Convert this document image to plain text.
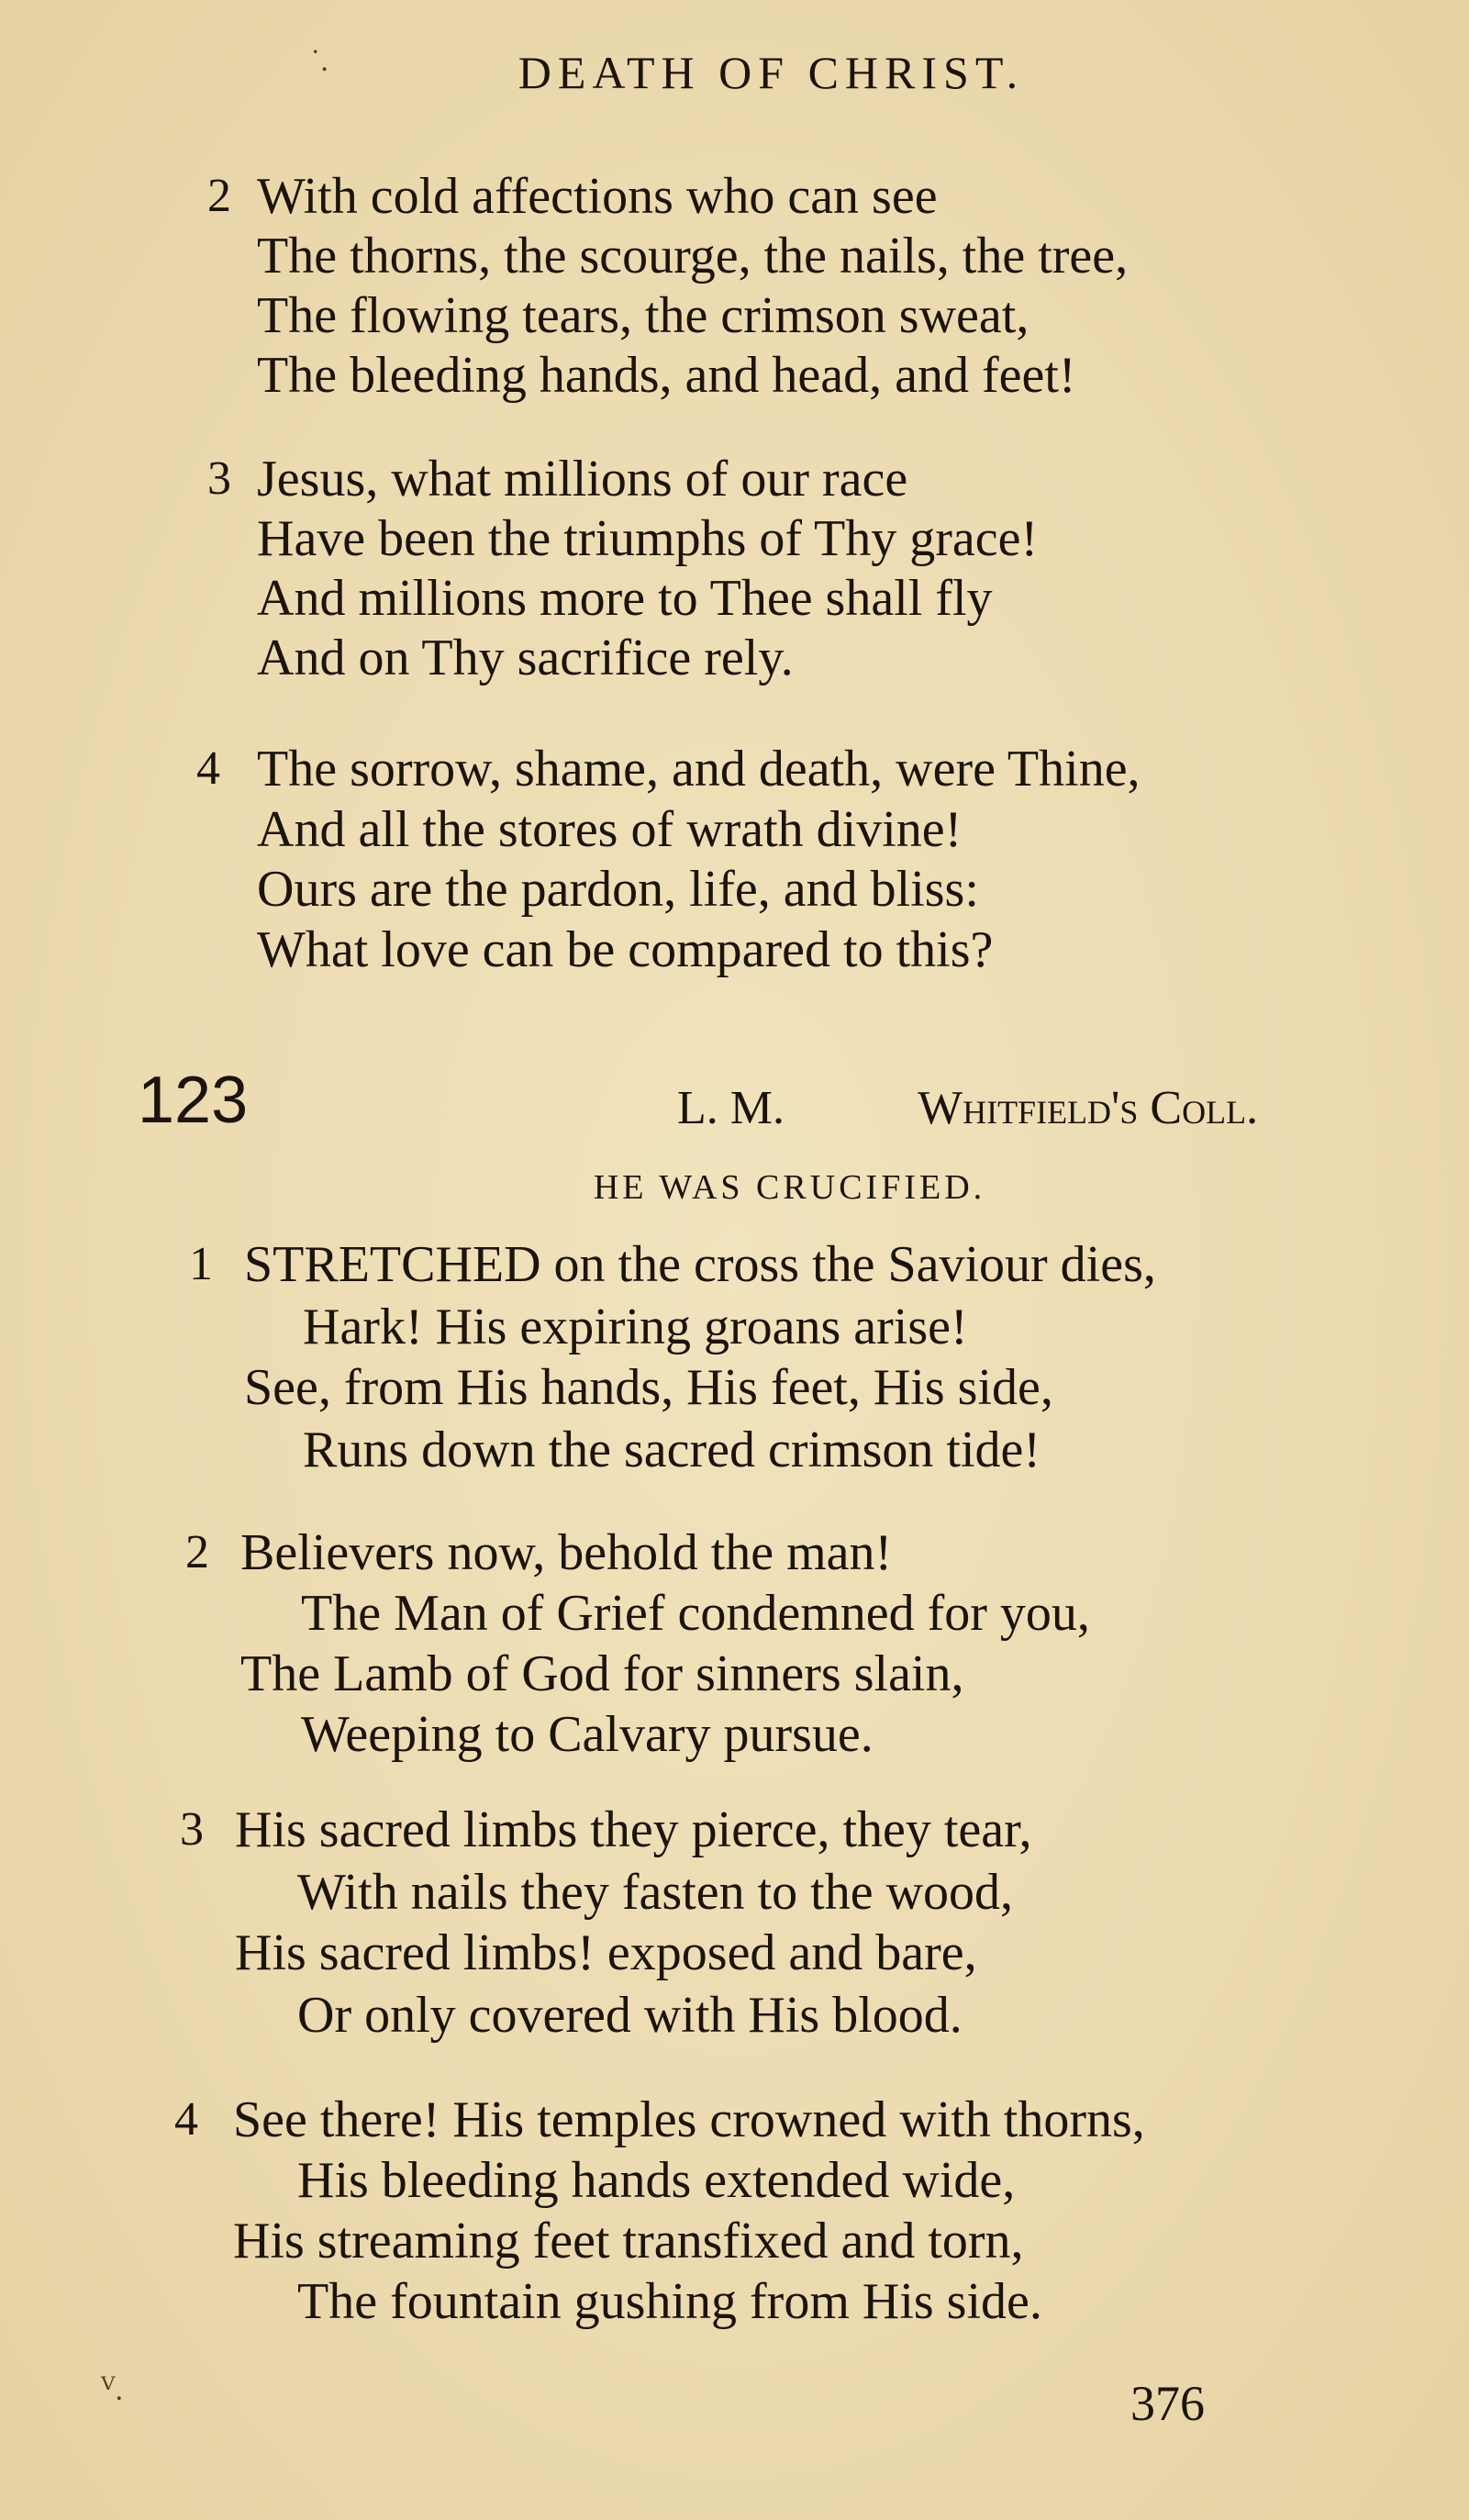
˙.	DEATH OF CHRIST.
2 With cold affections who can see
The thorns, the scourge, the nails, the tree,
The flowing tears, the crimson sweat,
The bleeding hands, and head, and feet!
3 Jesus, what millions of our race
Have been the triumphs of Thy grace!
And millions more to Thee shall fly
And on Thy sacrifice rely.
4 The sorrow, shame, and death, were Thine,
And all the stores of wrath divine!
Ours are the pardon, life, and bliss:
What love can be compared to this?
123	L. M.	Whitfield's Coll.
HE WAS CRUCIFIED.
1 STRETCHED on the cross the Saviour dies,
Hark! His expiring groans arise!
See, from His hands, His feet, His side,
Runs down the sacred crimson tide!
2 Believers now, behold the man!
The Man of Grief condemned for you,
The Lamb of God for sinners slain,
Weeping to Calvary pursue.
3 His sacred limbs they pierce, they tear,
With nails they fasten to the wood,
His sacred limbs! exposed and bare,
Or only covered with His blood.
4 See there! His temples crowned with thorns,
His bleeding hands extended wide,
His streaming feet transfixed and torn,
The fountain gushing from His side.
ⱽ.	376
